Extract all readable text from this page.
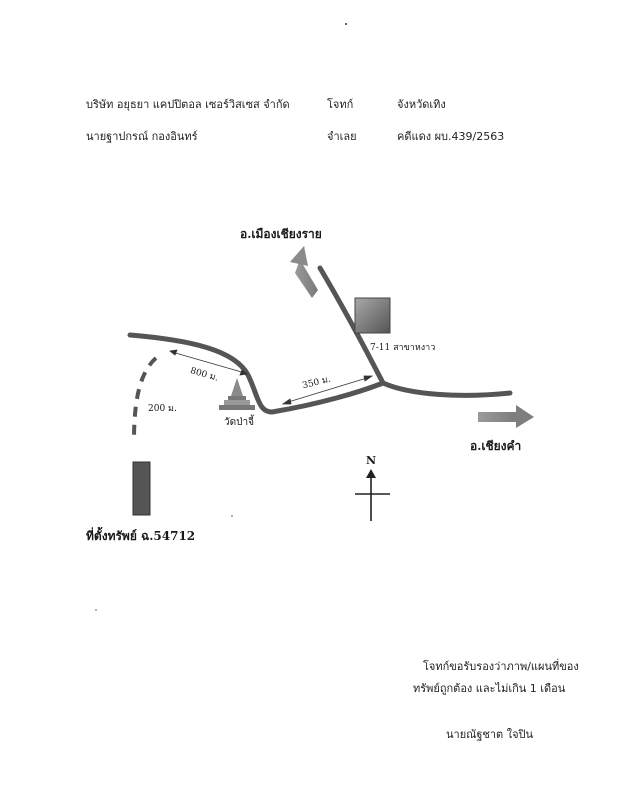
บริษัท อยุธยา แคปปิตอล เซอร์วิสเซส จำกัด	โจทก์	จังหวัดเทิง
นายฐาปกรณ์ กองอินทร์	จำเลย	คดีแดง ผบ.439/2563
อ.เมืองเชียงราย
อ.เชียงคำ
7-11 สาขาหงาว
วัดป่าจี้
350 ม.
800 ม.
200 ม.
ที่ตั้งทรัพย์ ฉ.54712
N
โจทก์ขอรับรองว่าภาพ/แผนที่ของ
ทรัพย์ถูกต้อง และไม่เกิน 1 เดือน
นายณัฐชาต ใจปิน
